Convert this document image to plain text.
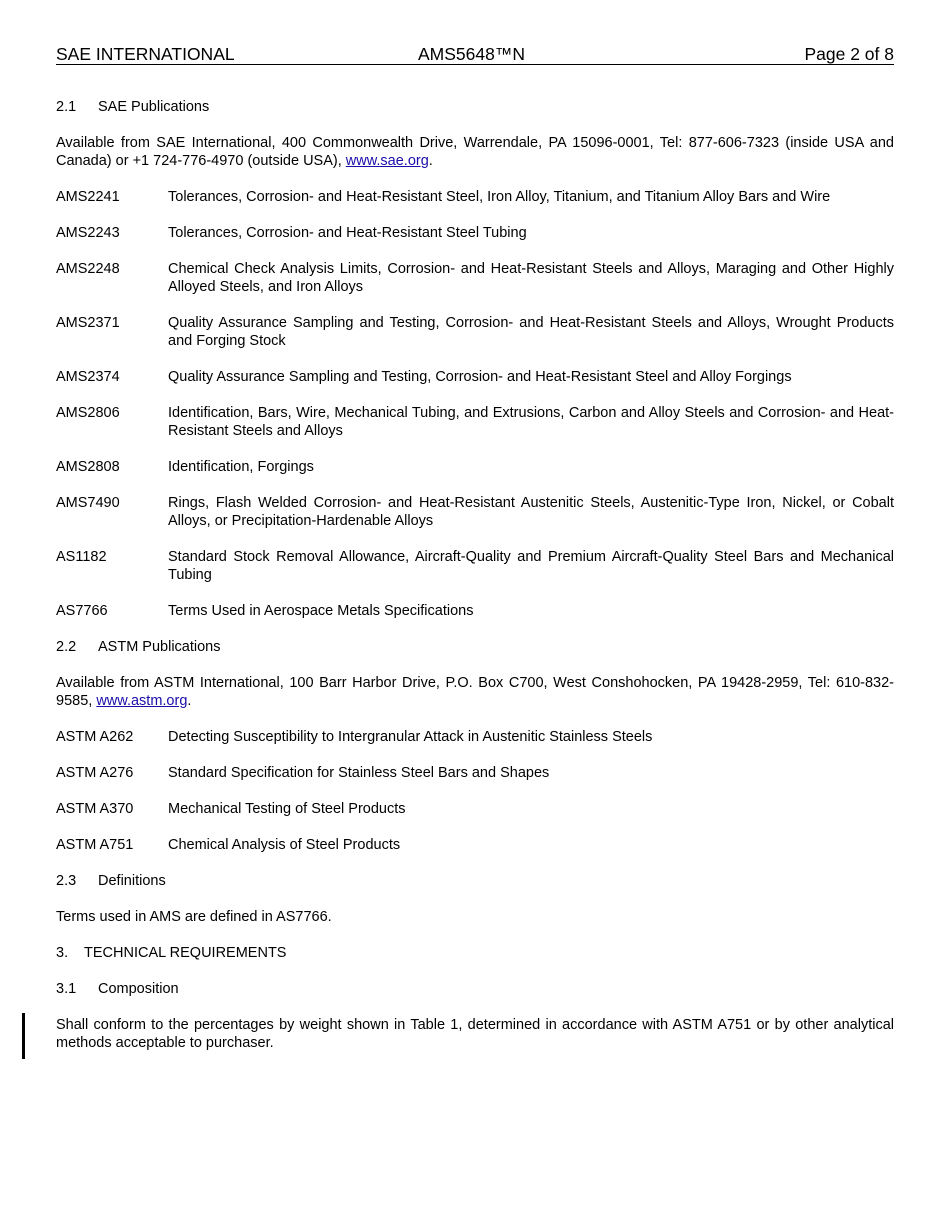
SAE INTERNATIONAL	AMS5648™N	Page 2 of 8
2.1 SAE Publications
Available from SAE International, 400 Commonwealth Drive, Warrendale, PA 15096-0001, Tel: 877-606-7323 (inside USA and Canada) or +1 724-776-4970 (outside USA), www.sae.org.
AMS2241	Tolerances, Corrosion- and Heat-Resistant Steel, Iron Alloy, Titanium, and Titanium Alloy Bars and Wire
AMS2243	Tolerances, Corrosion- and Heat-Resistant Steel Tubing
AMS2248	Chemical Check Analysis Limits, Corrosion- and Heat-Resistant Steels and Alloys, Maraging and Other Highly Alloyed Steels, and Iron Alloys
AMS2371	Quality Assurance Sampling and Testing, Corrosion- and Heat-Resistant Steels and Alloys, Wrought Products and Forging Stock
AMS2374	Quality Assurance Sampling and Testing, Corrosion- and Heat-Resistant Steel and Alloy Forgings
AMS2806	Identification, Bars, Wire, Mechanical Tubing, and Extrusions, Carbon and Alloy Steels and Corrosion- and Heat-Resistant Steels and Alloys
AMS2808	Identification, Forgings
AMS7490	Rings, Flash Welded Corrosion- and Heat-Resistant Austenitic Steels, Austenitic-Type Iron, Nickel, or Cobalt Alloys, or Precipitation-Hardenable Alloys
AS1182	Standard Stock Removal Allowance, Aircraft-Quality and Premium Aircraft-Quality Steel Bars and Mechanical Tubing
AS7766	Terms Used in Aerospace Metals Specifications
2.2 ASTM Publications
Available from ASTM International, 100 Barr Harbor Drive, P.O. Box C700, West Conshohocken, PA 19428-2959, Tel: 610-832-9585, www.astm.org.
ASTM A262	Detecting Susceptibility to Intergranular Attack in Austenitic Stainless Steels
ASTM A276	Standard Specification for Stainless Steel Bars and Shapes
ASTM A370	Mechanical Testing of Steel Products
ASTM A751	Chemical Analysis of Steel Products
2.3 Definitions
Terms used in AMS are defined in AS7766.
3. TECHNICAL REQUIREMENTS
3.1 Composition
Shall conform to the percentages by weight shown in Table 1, determined in accordance with ASTM A751 or by other analytical methods acceptable to purchaser.
